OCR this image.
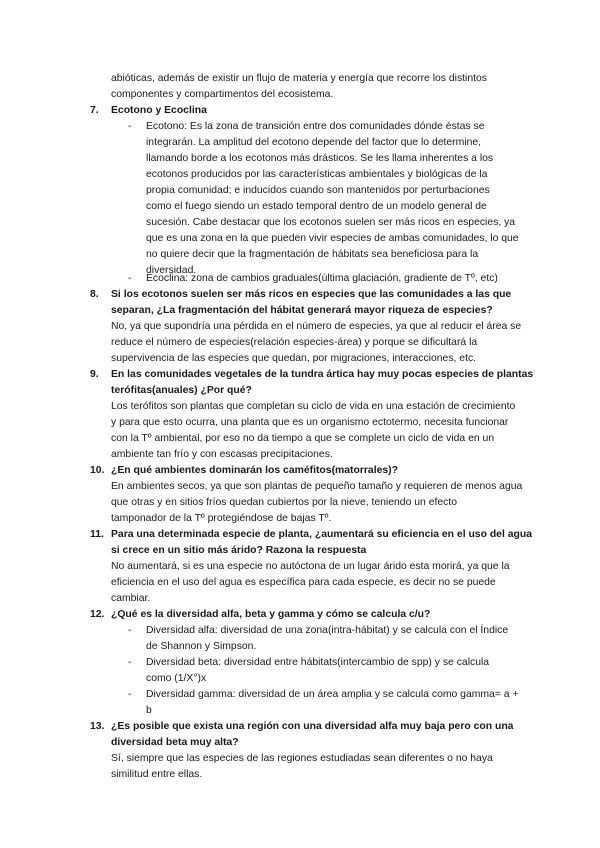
abióticas, además de existir un flujo de materia y energía que recorre los distintos
componentes y compartimentos del ecosistema.
7. Ecotono y Ecoclina
- Ecotono: Es la zona de transición entre dos comunidades dónde éstas se
integrarán. La amplitud del ecotono depende del factor que lo determine,
llamando borde a los ecotonos más drásticos. Se les llama inherentes a los
ecotonos producidos por las características ambientales y biológicas de la
propia comunidad; e inducidos cuando son mantenidos por perturbaciones
como el fuego siendo un estado temporal dentro de un modelo general de
sucesión. Cabe destacar que los ecotonos suelen ser más ricos en especies, ya
que es una zona en la que pueden vivir especies de ambas comunidades, lo que
no quiere decir que la fragmentación de hábitats sea beneficiosa para la
diversidad.
- Ecoclina: zona de cambios graduales(última glaciación, gradiente de Tº, etc)
8. Si los ecotonos suelen ser más ricos en especies que las comunidades a las que
separan, ¿La fragmentación del hábitat generará mayor riqueza de especies?
No, ya que supondría una pérdida en el número de especies, ya que al reducir el área se
reduce el número de especies(relación especies-área) y porque se dificultará la
supervivencia de las especies que quedan, por migraciones, interacciones, etc.
9. En las comunidades vegetales de la tundra ártica hay muy pocas especies de plantas
terófitas(anuales) ¿Por qué?
Los terófitos son plantas que completan su ciclo de vida en una estación de crecimiento
y para que esto ocurra, una planta que es un organismo ectotermo, necesita funcionar
con la Tº ambiental, por eso no da tiempo a que se complete un ciclo de vida en un
ambiente tan frío y con escasas precipitaciones.
10. ¿En qué ambientes dominarán los caméfitos(matorrales)?
En ambientes secos, ya que son plantas de pequeño tamaño y requieren de menos agua
que otras y en sitios fríos quedan cubiertos por la nieve, teniendo un efecto
tamponador de la Tº protegiéndose de bajas Tº.
11. Para una determinada especie de planta, ¿aumentará su eficiencia en el uso del agua
si crece en un sitio más árido? Razona la respuesta
No aumentará, si es una especie no autóctona de un lugar árido esta morirá, ya que la
eficiencia en el uso del agua es específica para cada especie, es decir no se puede
cambiar.
12. ¿Qué es la diversidad alfa, beta y gamma y cómo se calcula c/u?
- Diversidad alfa: diversidad de una zona(intra-hábitat) y se calcula con el Índice
de Shannon y Simpson.
- Diversidad beta: diversidad entre hábitats(intercambio de spp) y se calcula
como (1/X°)x
- Diversidad gamma: diversidad de un área amplia y se calcula como gamma= a +
b
13. ¿Es posible que exista una región con una diversidad alfa muy baja pero con una
diversidad beta muy alta?
Sí, siempre que las especies de las regiones estudiadas sean diferentes o no haya
similitud entre ellas.
